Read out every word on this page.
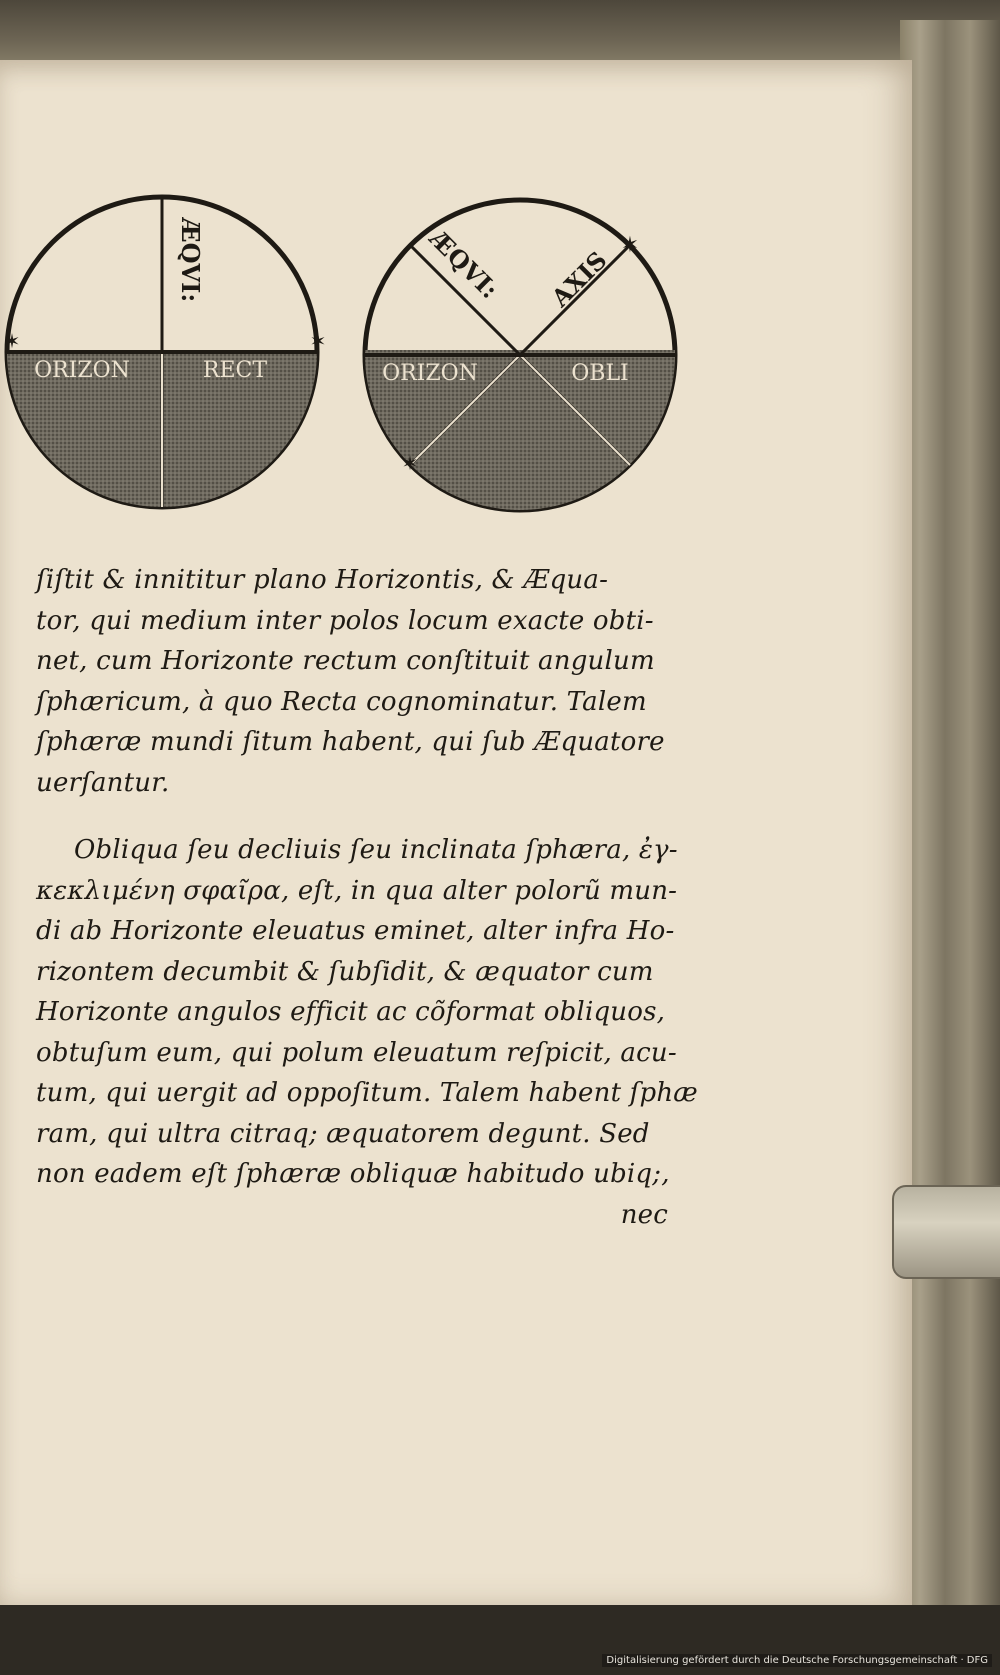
ÆQVI:
ORIZON	RECT
✶	✶
ÆQVI: AXIS
ORIZON	OBLI
✶
✶
ſiſtit & innititur plano Horizontis, & Æqua-
tor, qui medium inter polos locum exacte obti-
net, cum Horizonte rectum conſtituit angulum
ſphæricum, à quo Recta cognominatur. Talem
ſphæræ mundi ſitum habent, qui ſub Æquatore
uerſantur.
Obliqua ſeu decliuis ſeu inclinata ſphæra, ἐγ-
κεκλιμένη σφαῖρα, eſt, in qua alter polorũ mun-
di ab Horizonte eleuatus eminet, alter infra Ho-
rizontem decumbit & ſubſidit, & æquator cum
Horizonte angulos efficit ac cõformat obliquos,
obtuſum eum, qui polum eleuatum reſpicit, acu-
tum, qui uergit ad oppoſitum. Talem habent ſphæ
ram, qui ultra citraq; æquatorem degunt. Sed
non eadem eſt ſphæræ obliquæ habitudo ubiq;,
nec
Digitalisierung gefördert durch die Deutsche Forschungsgemeinschaft · DFG
